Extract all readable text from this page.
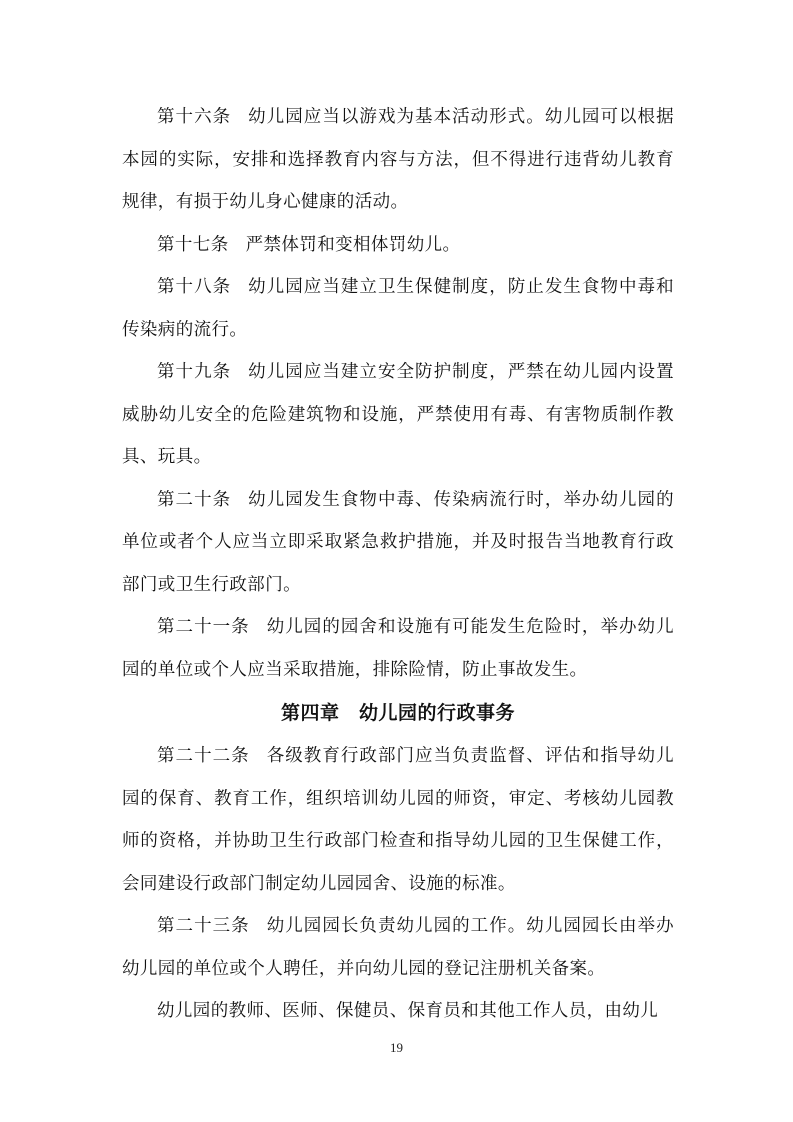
第十六条 幼儿园应当以游戏为基本活动形式。幼儿园可以根据本园的实际，安排和选择教育内容与方法，但不得进行违背幼儿教育规律，有损于幼儿身心健康的活动。

第十七条 严禁体罚和变相体罚幼儿。

第十八条 幼儿园应当建立卫生保健制度，防止发生食物中毒和传染病的流行。

第十九条 幼儿园应当建立安全防护制度，严禁在幼儿园内设置威胁幼儿安全的危险建筑物和设施，严禁使用有毒、有害物质制作教具、玩具。

第二十条 幼儿园发生食物中毒、传染病流行时，举办幼儿园的单位或者个人应当立即采取紧急救护措施，并及时报告当地教育行政部门或卫生行政部门。

第二十一条 幼儿园的园舍和设施有可能发生危险时，举办幼儿园的单位或个人应当采取措施，排除险情，防止事故发生。

第四章　幼儿园的行政事务

第二十二条 各级教育行政部门应当负责监督、评估和指导幼儿园的保育、教育工作，组织培训幼儿园的师资，审定、考核幼儿园教师的资格，并协助卫生行政部门检查和指导幼儿园的卫生保健工作，会同建设行政部门制定幼儿园园舍、设施的标准。

第二十三条 幼儿园园长负责幼儿园的工作。幼儿园园长由举办幼儿园的单位或个人聘任，并向幼儿园的登记注册机关备案。

幼儿园的教师、医师、保健员、保育员和其他工作人员，由幼儿

19
